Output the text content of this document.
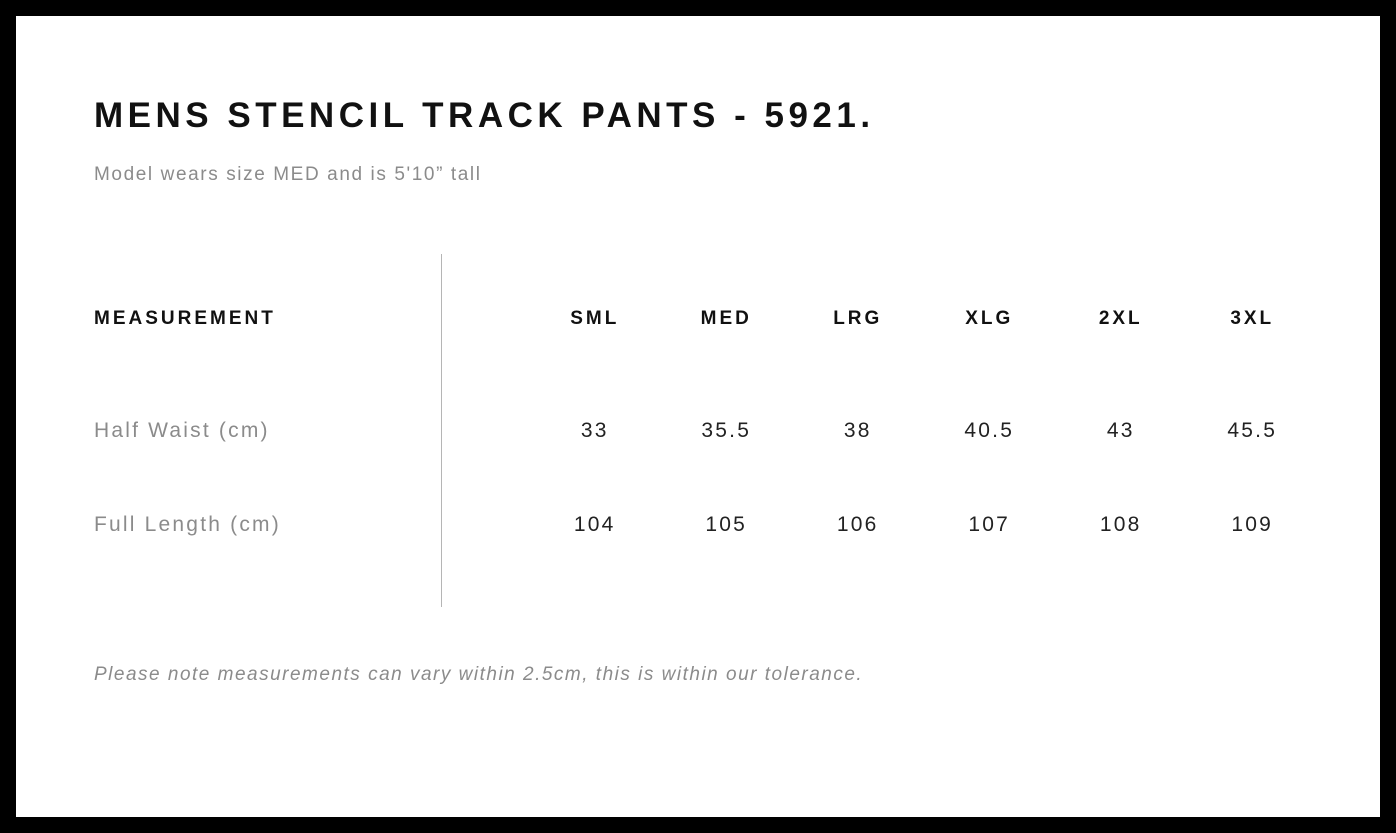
MENS STENCIL TRACK PANTS - 5921.
Model wears size MED and is 5'10” tall
MEASUREMENT	SML	MED	LRG	XLG	2XL	3XL
Half Waist (cm)	33	35.5	38	40.5	43	45.5
Full Length (cm)	104	105	106	107	108	109
Please note measurements can vary within 2.5cm, this is within our tolerance.
